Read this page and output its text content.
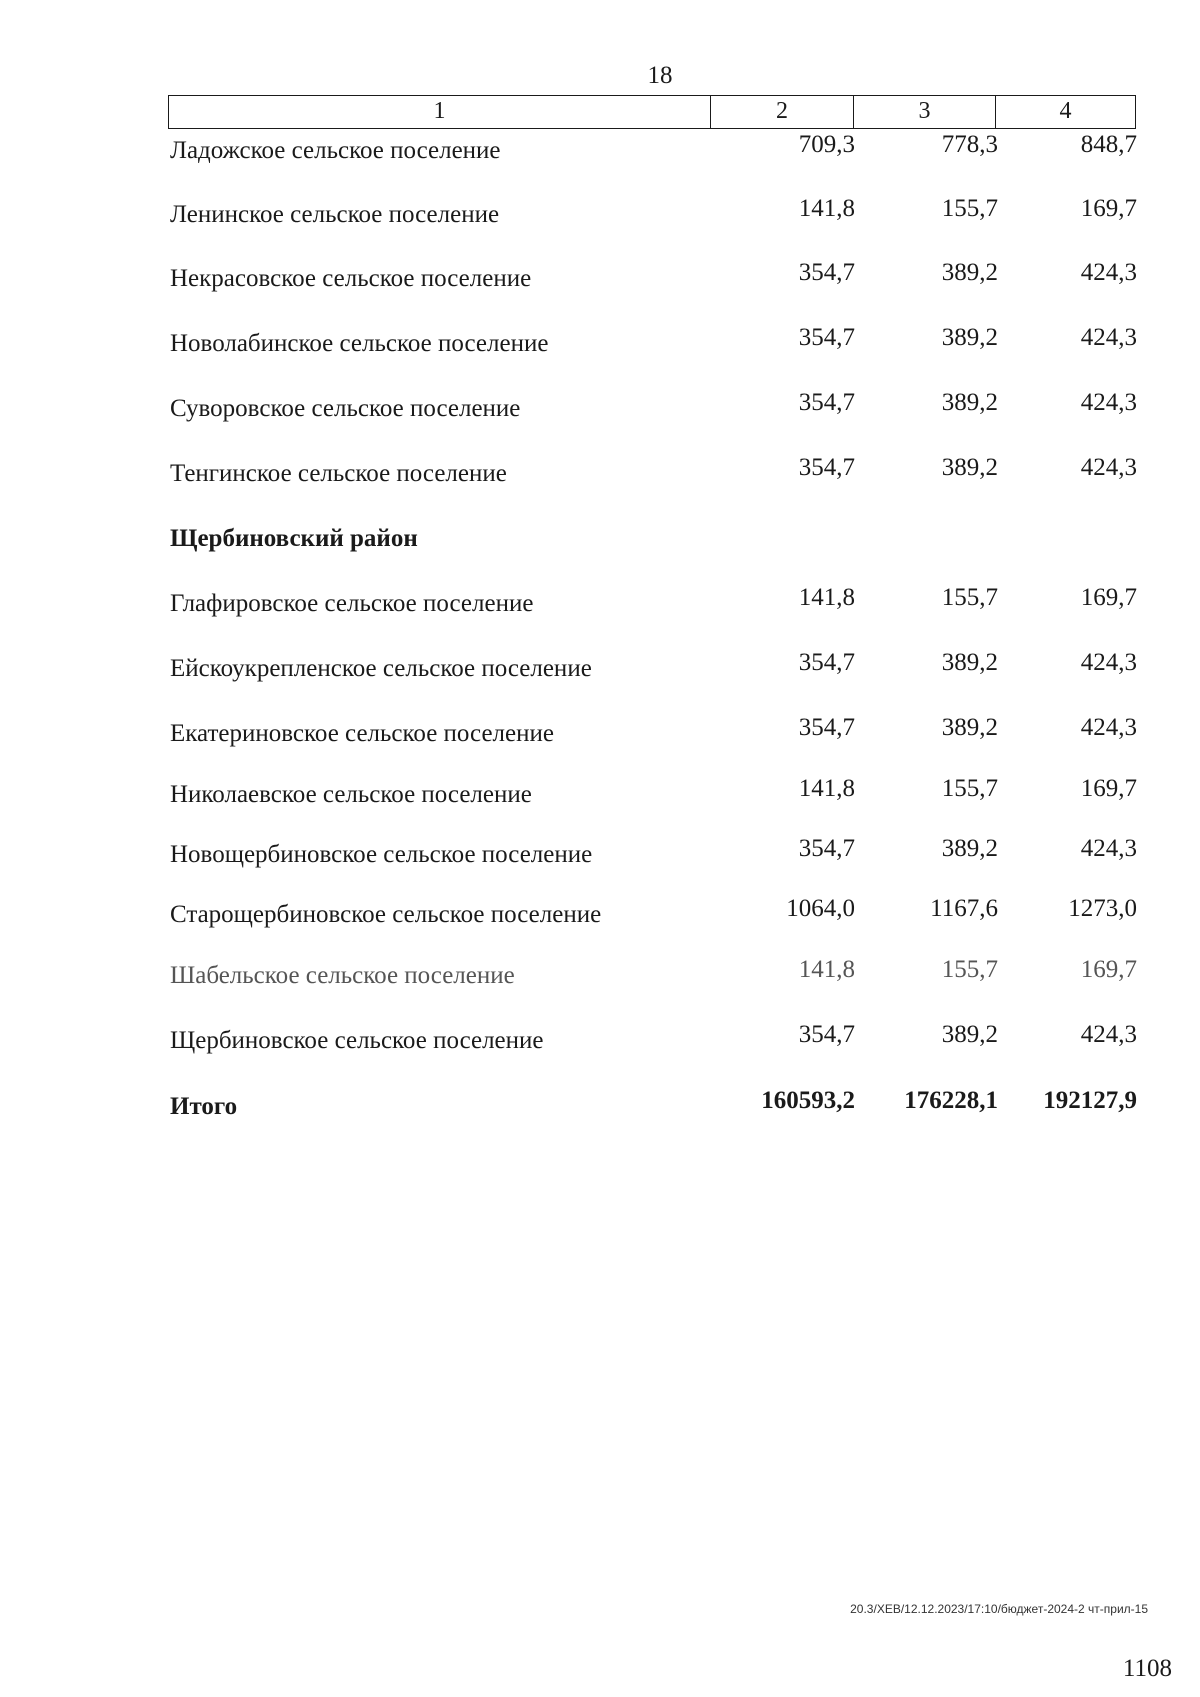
18
1	2	3	4
Ладожское сельское поселение	709,3	778,3	848,7
Ленинское сельское поселение	141,8	155,7	169,7
Некрасовское сельское поселение	354,7	389,2	424,3
Новолабинское сельское поселение	354,7	389,2	424,3
Суворовское сельское поселение	354,7	389,2	424,3
Тенгинское сельское поселение	354,7	389,2	424,3
Щербиновский район
Глафировское сельское поселение	141,8	155,7	169,7
Ейскоукрепленское сельское поселение	354,7	389,2	424,3
Екатериновское сельское поселение	354,7	389,2	424,3
Николаевское сельское поселение	141,8	155,7	169,7
Новощербиновское сельское поселение	354,7	389,2	424,3
Старощербиновское сельское поселение	1064,0	1167,6	1273,0
Шабельское сельское поселение	141,8	155,7	169,7
Щербиновское сельское поселение	354,7	389,2	424,3
Итого	160593,2 176228,1 192127,9
20.3/ХЕВ/12.12.2023/17:10/бюджет-2024-2 чт-прил-15
1108
